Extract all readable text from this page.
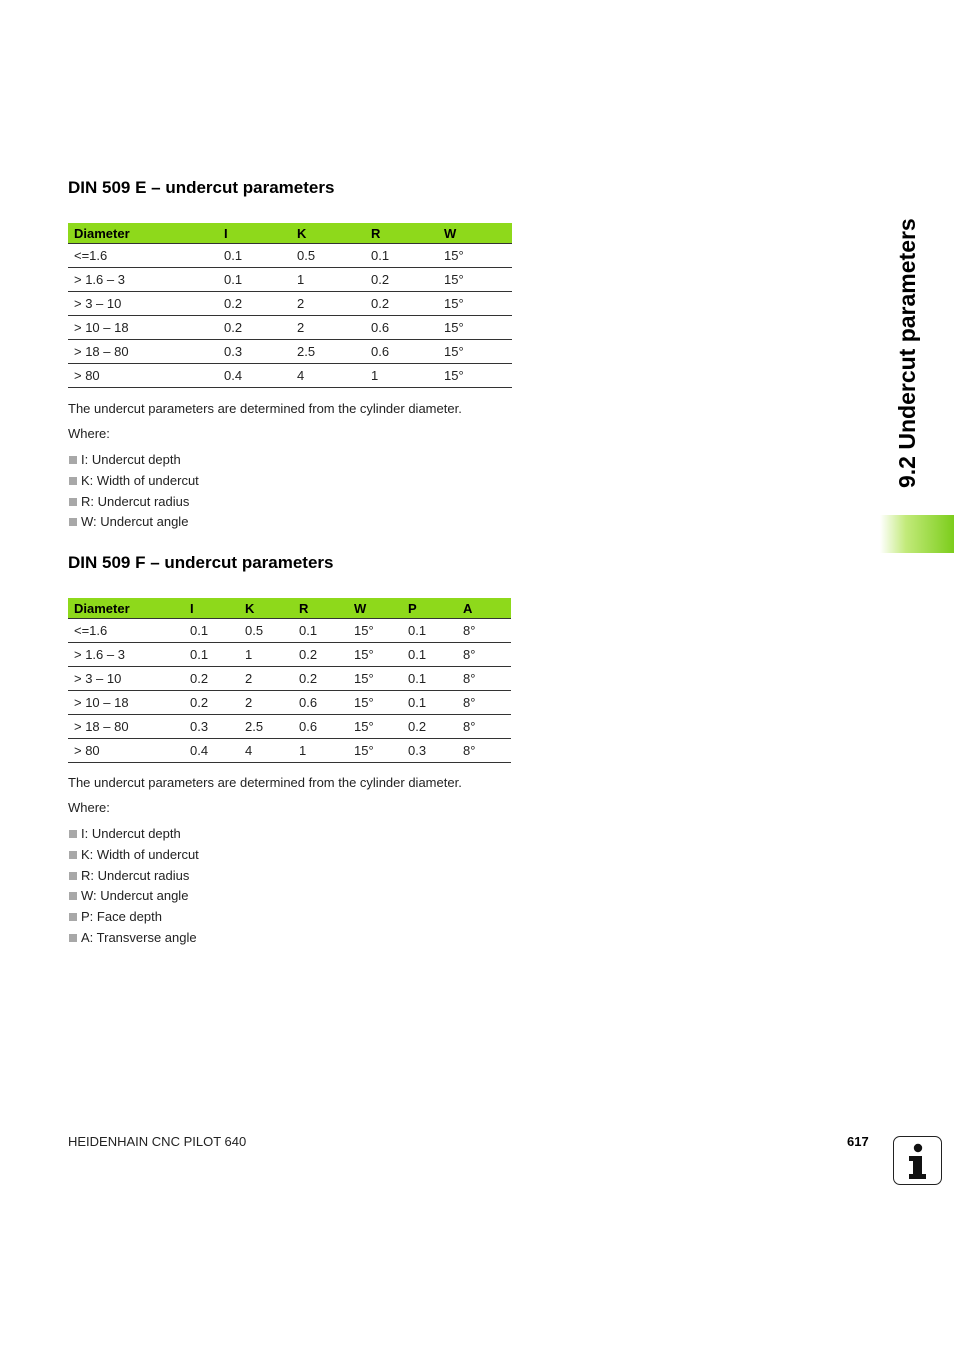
DIN 509 E – undercut parameters
Diameter	I	K	R	W
<=1.6	0.1	0.5	0.1	15°
> 1.6 – 3	0.1	1	0.2	15°
> 3 – 10	0.2	2	0.2	15°
> 10 – 18	0.2	2	0.6	15°
> 18 – 80	0.3	2.5	0.6	15°
> 80	0.4	4	1	15°

The undercut parameters are determined from the cylinder diameter.

Where:

I: Undercut depth
K: Width of undercut
R: Undercut radius
W: Undercut angle
DIN 509 F – undercut parameters
Diameter	I	K	R	W	P	A
<=1.6	0.1	0.5	0.1	15°	0.1	8°
> 1.6 – 3	0.1	1	0.2	15°	0.1	8°
> 3 – 10	0.2	2	0.2	15°	0.1	8°
> 10 – 18	0.2	2	0.6	15°	0.1	8°
> 18 – 80	0.3	2.5	0.6	15°	0.2	8°
> 80	0.4	4	1	15°	0.3	8°

The undercut parameters are determined from the cylinder diameter.

Where:

I: Undercut depth
K: Width of undercut
R: Undercut radius
W: Undercut angle
P: Face depth
A: Transverse angle
9.2 Undercut parameters
HEIDENHAIN CNC PILOT 640	617
